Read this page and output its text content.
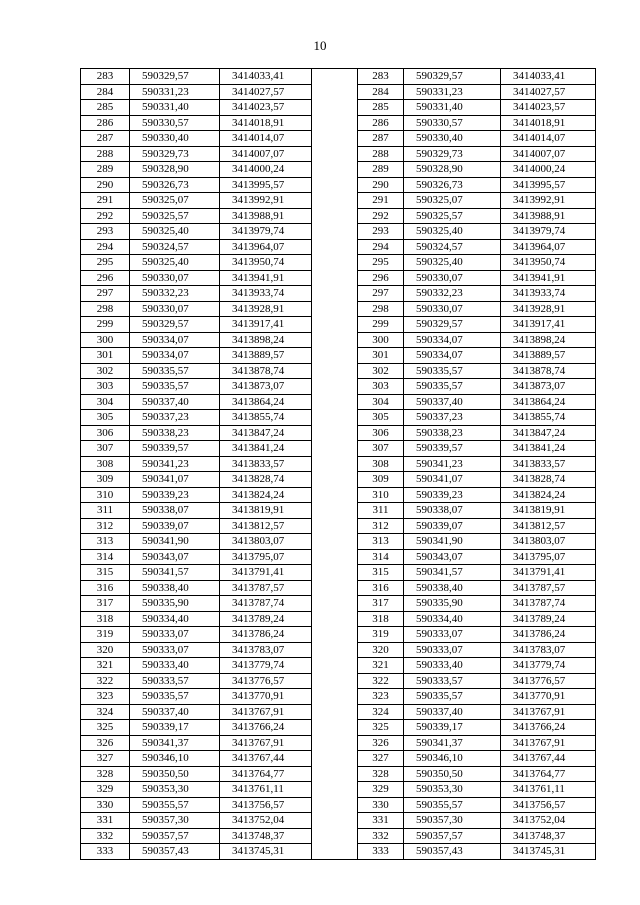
10
283	590329,57	3414033,41		283	590329,57	3414033,41
284	590331,23	3414027,57		284	590331,23	3414027,57
285	590331,40	3414023,57		285	590331,40	3414023,57
286	590330,57	3414018,91		286	590330,57	3414018,91
287	590330,40	3414014,07		287	590330,40	3414014,07
288	590329,73	3414007,07		288	590329,73	3414007,07
289	590328,90	3414000,24		289	590328,90	3414000,24
290	590326,73	3413995,57		290	590326,73	3413995,57
291	590325,07	3413992,91		291	590325,07	3413992,91
292	590325,57	3413988,91		292	590325,57	3413988,91
293	590325,40	3413979,74		293	590325,40	3413979,74
294	590324,57	3413964,07		294	590324,57	3413964,07
295	590325,40	3413950,74		295	590325,40	3413950,74
296	590330,07	3413941,91		296	590330,07	3413941,91
297	590332,23	3413933,74		297	590332,23	3413933,74
298	590330,07	3413928,91		298	590330,07	3413928,91
299	590329,57	3413917,41		299	590329,57	3413917,41
300	590334,07	3413898,24		300	590334,07	3413898,24
301	590334,07	3413889,57		301	590334,07	3413889,57
302	590335,57	3413878,74		302	590335,57	3413878,74
303	590335,57	3413873,07		303	590335,57	3413873,07
304	590337,40	3413864,24		304	590337,40	3413864,24
305	590337,23	3413855,74		305	590337,23	3413855,74
306	590338,23	3413847,24		306	590338,23	3413847,24
307	590339,57	3413841,24		307	590339,57	3413841,24
308	590341,23	3413833,57		308	590341,23	3413833,57
309	590341,07	3413828,74		309	590341,07	3413828,74
310	590339,23	3413824,24		310	590339,23	3413824,24
311	590338,07	3413819,91		311	590338,07	3413819,91
312	590339,07	3413812,57		312	590339,07	3413812,57
313	590341,90	3413803,07		313	590341,90	3413803,07
314	590343,07	3413795,07		314	590343,07	3413795,07
315	590341,57	3413791,41		315	590341,57	3413791,41
316	590338,40	3413787,57		316	590338,40	3413787,57
317	590335,90	3413787,74		317	590335,90	3413787,74
318	590334,40	3413789,24		318	590334,40	3413789,24
319	590333,07	3413786,24		319	590333,07	3413786,24
320	590333,07	3413783,07		320	590333,07	3413783,07
321	590333,40	3413779,74		321	590333,40	3413779,74
322	590333,57	3413776,57		322	590333,57	3413776,57
323	590335,57	3413770,91		323	590335,57	3413770,91
324	590337,40	3413767,91		324	590337,40	3413767,91
325	590339,17	3413766,24		325	590339,17	3413766,24
326	590341,37	3413767,91		326	590341,37	3413767,91
327	590346,10	3413767,44		327	590346,10	3413767,44
328	590350,50	3413764,77		328	590350,50	3413764,77
329	590353,30	3413761,11		329	590353,30	3413761,11
330	590355,57	3413756,57		330	590355,57	3413756,57
331	590357,30	3413752,04		331	590357,30	3413752,04
332	590357,57	3413748,37		332	590357,57	3413748,37
333	590357,43	3413745,31		333	590357,43	3413745,31
